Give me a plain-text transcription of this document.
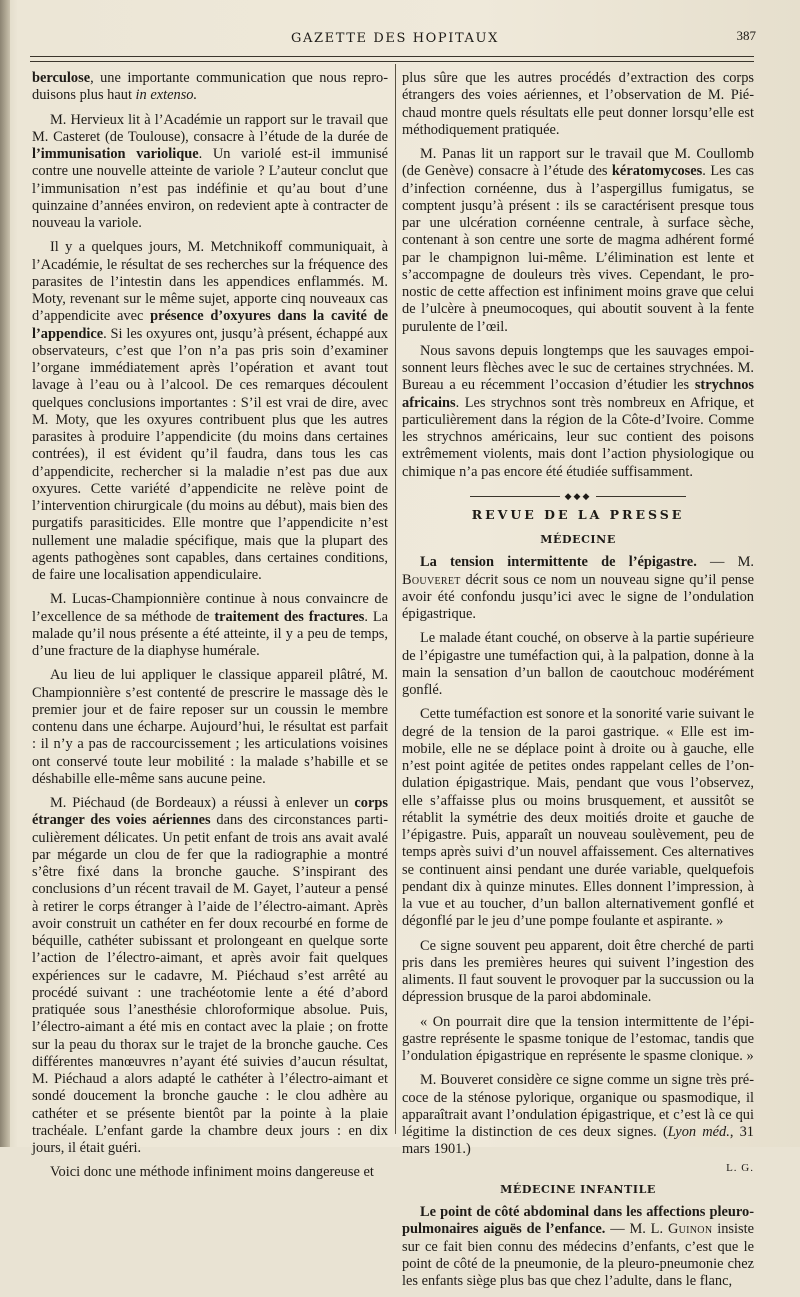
GAZETTE DES HOPITAUX	387

berculose, une importante communication que nous reproduisons plus haut in extenso.

M. Hervieux lit à l’Académie un rapport sur le travail que M. Casteret (de Toulouse), consacre à l’étude de la durée de l’immunisation variolique. Un variolé est-il immunisé contre une nouvelle atteinte de variole ? L’auteur conclut que l’immunisation n’est pas indéfinie et qu’au bout d’une quinzaine d’années environ, on redevient apte à contracter de nouveau la variole.

Il y a quelques jours, M. Metchnikoff communiquait, à l’Académie, le résultat de ses recherches sur la fréquence des parasites de l’intestin dans les appendices enflammés. M. Moty, revenant sur le même sujet, apporte cinq nouveaux cas d’appendicite avec présence d’oxyures dans la cavité de l’appendice. Si les oxyures ont, jusqu’à présent, échappé aux observateurs, c’est que l’on n’a pas pris soin d’examiner l’organe immédiatement après l’opération et avant tout lavage à l’eau ou à l’alcool. De ces remarques découlent quelques conclusions importantes : S’il est vrai de dire, avec M. Moty, que les oxyures contribuent plus que les autres parasites à produire l’appendicite (du moins dans certaines contrées), il est évident qu’il faudra, dans tous les cas d’appendicite, rechercher si la maladie n’est pas due aux oxyures. Cette variété d’appendicite ne relève point de l’intervention chirurgicale (du moins au début), mais bien des purgatifs parasiticides. Elle montre que l’appendicite n’est nullement une maladie spécifique, mais que la plupart des agents pathogènes sont capables, dans certaines conditions, de faire une localisation appendiculaire.

M. Lucas-Championnière continue à nous convaincre de l’excellence de sa méthode de traitement des fractures. La malade qu’il nous présente a été atteinte, il y a peu de temps, d’une fracture de la diaphyse humérale.

Au lieu de lui appliquer le classique appareil plâtré, M. Championnière s’est contenté de prescrire le massage dès le premier jour et de faire reposer sur un coussin le membre contenu dans une écharpe. Aujourd’hui, le résultat est parfait : il n’y a pas de raccourcissement ; les articulations voisines ont conservé toute leur mobilité : la malade s’habille et se déshabille elle-même sans aucune peine.

M. Piéchaud (de Bordeaux) a réussi à enlever un corps étranger des voies aériennes dans des circonstances particulièrement délicates. Un petit enfant de trois ans avait avalé par mégarde un clou de fer que la radiographie a montré s’être fixé dans la bronche gauche. S’inspirant des conclusions d’un récent travail de M. Gayet, l’auteur a pensé à retirer le corps étranger à l’aide de l’électro-aimant. Après avoir construit un cathéter en fer doux recourbé en forme de béquille, cathéter subissant et prolongeant en quelque sorte l’action de l’électro-aimant, et après avoir fait quelques expériences sur le cadavre, M. Piéchaud s’est arrêté au procédé suivant : une trachéotomie lente a été d’abord pratiquée sous l’anesthésie chloroformique absolue. Puis, l’électro-aimant a été mis en contact avec la plaie ; on frotte sur la peau du thorax sur le trajet de la bronche gauche. Ces différentes manœuvres n’ayant été suivies d’aucun résultat, M. Piéchaud a alors adapté le cathéter à l’électro-aimant et sondé doucement la bronche gauche : le clou adhère au cathéter et se présente bientôt par la pointe à la plaie trachéale. L’enfant garde la chambre deux jours : en dix jours, il était guéri.

Voici donc une méthode infiniment moins dangereuse et

plus sûre que les autres procédés d’extraction des corps étrangers des voies aériennes, et l’observation de M. Piéchaud montre quels résultats elle peut donner lorsqu’elle est méthodiquement pratiquée.

M. Panas lit un rapport sur le travail que M. Coullomb (de Genève) consacre à l’étude des kératomycoses. Les cas d’infection cornéenne, dus à l’aspergillus fumigatus, se comptent jusqu’à présent : ils se caractérisent presque tous par une ulcération cornéenne centrale, à surface sèche, contenant à son centre une sorte de magma adhérent formé par le champignon lui-même. L’élimination est lente et s’accompagne de douleurs très vives. Cependant, le pronostic de cette affection est infiniment moins grave que celui de l’ulcère à pneumocoques, qui aboutit souvent à la fente purulente de l’œil.

Nous savons depuis longtemps que les sauvages empoisonnent leurs flèches avec le suc de certaines strychnées. M. Bureau a eu récemment l’occasion d’étudier les strychnos africains. Les strychnos sont très nombreux en Afrique, et particulièrement dans la région de la Côte-d’Ivoire. Comme les strychnos américains, leur suc contient des poisons extrêmement violents, mais dont l’action physiologique ou chimique n’a pas encore été étudiée suffisamment.

◆◆◆
REVUE DE LA PRESSE
MÉDECINE

La tension intermittente de l’épigastre. — M. Bouveret décrit sous ce nom un nouveau signe qu’il pense avoir été confondu jusqu’ici avec le signe de l’ondulation épigastrique.

Le malade étant couché, on observe à la partie supérieure de l’épigastre une tuméfaction qui, à la palpation, donne à la main la sensation d’un ballon de caoutchouc modérément gonflé.

Cette tuméfaction est sonore et la sonorité varie suivant le degré de la tension de la paroi gastrique. « Elle est immobile, elle ne se déplace point à droite ou à gauche, elle n’est point agitée de petites ondes rappelant celles de l’ondulation épigastrique. Mais, pendant que vous l’observez, elle s’affaisse plus ou moins brusquement, et aussitôt se rétablit la symétrie des deux moitiés droite et gauche de l’épigastre. Puis, apparaît un nouveau soulèvement, peu de temps après suivi d’un nouvel affaissement. Ces alternatives se continuent ainsi pendant une durée variable, quelquefois pendant dix à quinze minutes. Elles donnent l’impression, à la vue et au toucher, d’un ballon alternativement gonflé et dégonflé par le jeu d’une pompe foulante et aspirante. »

Ce signe souvent peu apparent, doit être cherché de parti pris dans les premières heures qui suivent l’ingestion des aliments. Il faut souvent le provoquer par la succussion ou la dépression brusque de la paroi abdominale.

« On pourrait dire que la tension intermittente de l’épigastre représente le spasme tonique de l’estomac, tandis que l’ondulation épigastrique en représente le spasme clonique. »

M. Bouveret considère ce signe comme un signe très précoce de la sténose pylorique, organique ou spasmodique, il apparaîtrait avant l’ondulation épigastrique, et c’est là ce qui légitime la distinction de ces deux signes. (Lyon méd., 31 mars 1901.)

L. G.
MÉDECINE INFANTILE

Le point de côté abdominal dans les affections pleuro-pulmonaires aiguës de l’enfance. — M. L. Guinon insiste sur ce fait bien connu des médecins d’enfants, c’est que le point de côté de la pneumonie, de la pleuro-pneumonie chez les enfants siège plus bas que chez l’adulte, dans le flanc,
